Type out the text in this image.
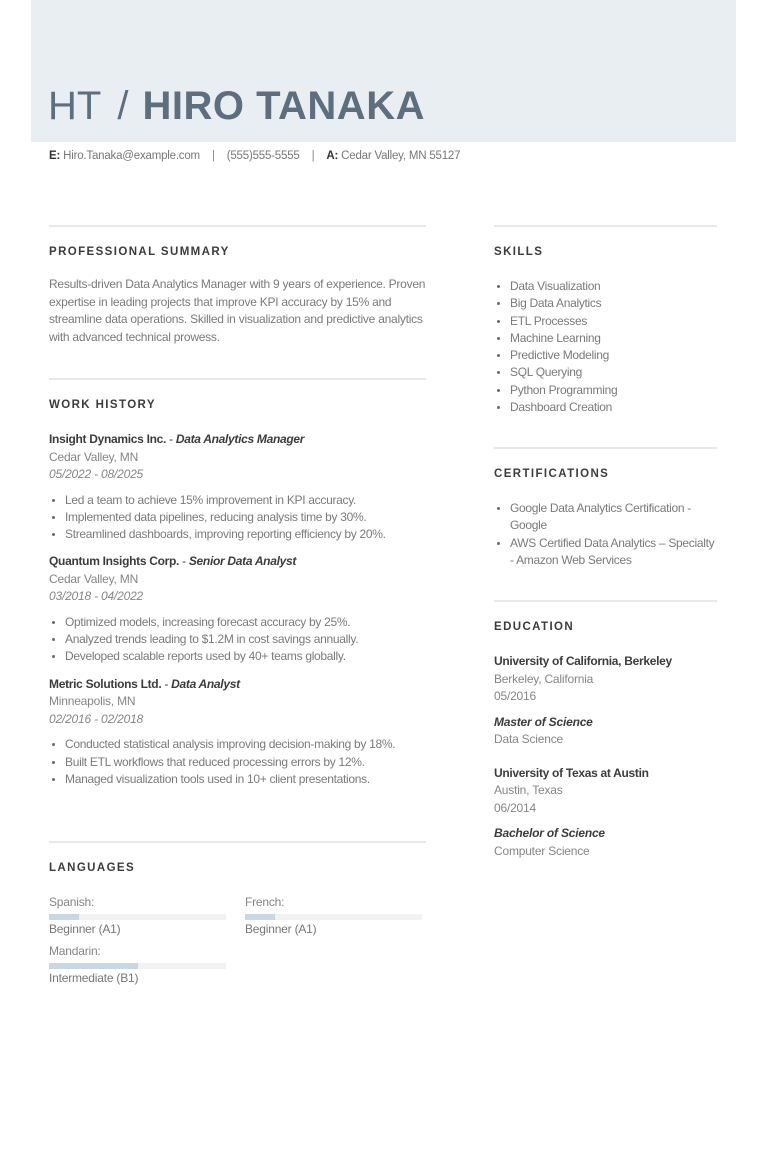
HT / HIRO TANAKA
E: Hiro.Tanaka@example.com | (555)555-5555 | A: Cedar Valley, MN 55127
PROFESSIONAL SUMMARY
Results-driven Data Analytics Manager with 9 years of experience. Proven expertise in leading projects that improve KPI accuracy by 15% and streamline data operations. Skilled in visualization and predictive analytics with advanced technical prowess.
WORK HISTORY
Insight Dynamics Inc. - Data Analytics Manager
Cedar Valley, MN
05/2022 - 08/2025
Led a team to achieve 15% improvement in KPI accuracy.
Implemented data pipelines, reducing analysis time by 30%.
Streamlined dashboards, improving reporting efficiency by 20%.
Quantum Insights Corp. - Senior Data Analyst
Cedar Valley, MN
03/2018 - 04/2022
Optimized models, increasing forecast accuracy by 25%.
Analyzed trends leading to $1.2M in cost savings annually.
Developed scalable reports used by 40+ teams globally.
Metric Solutions Ltd. - Data Analyst
Minneapolis, MN
02/2016 - 02/2018
Conducted statistical analysis improving decision-making by 18%.
Built ETL workflows that reduced processing errors by 12%.
Managed visualization tools used in 10+ client presentations.
LANGUAGES
Spanish:
Beginner (A1)
French:
Beginner (A1)
Mandarin:
Intermediate (B1)
SKILLS
Data Visualization
Big Data Analytics
ETL Processes
Machine Learning
Predictive Modeling
SQL Querying
Python Programming
Dashboard Creation
CERTIFICATIONS
Google Data Analytics Certification - Google
AWS Certified Data Analytics – Specialty - Amazon Web Services
EDUCATION
University of California, Berkeley
Berkeley, California
05/2016
Master of Science
Data Science
University of Texas at Austin
Austin, Texas
06/2014
Bachelor of Science
Computer Science
